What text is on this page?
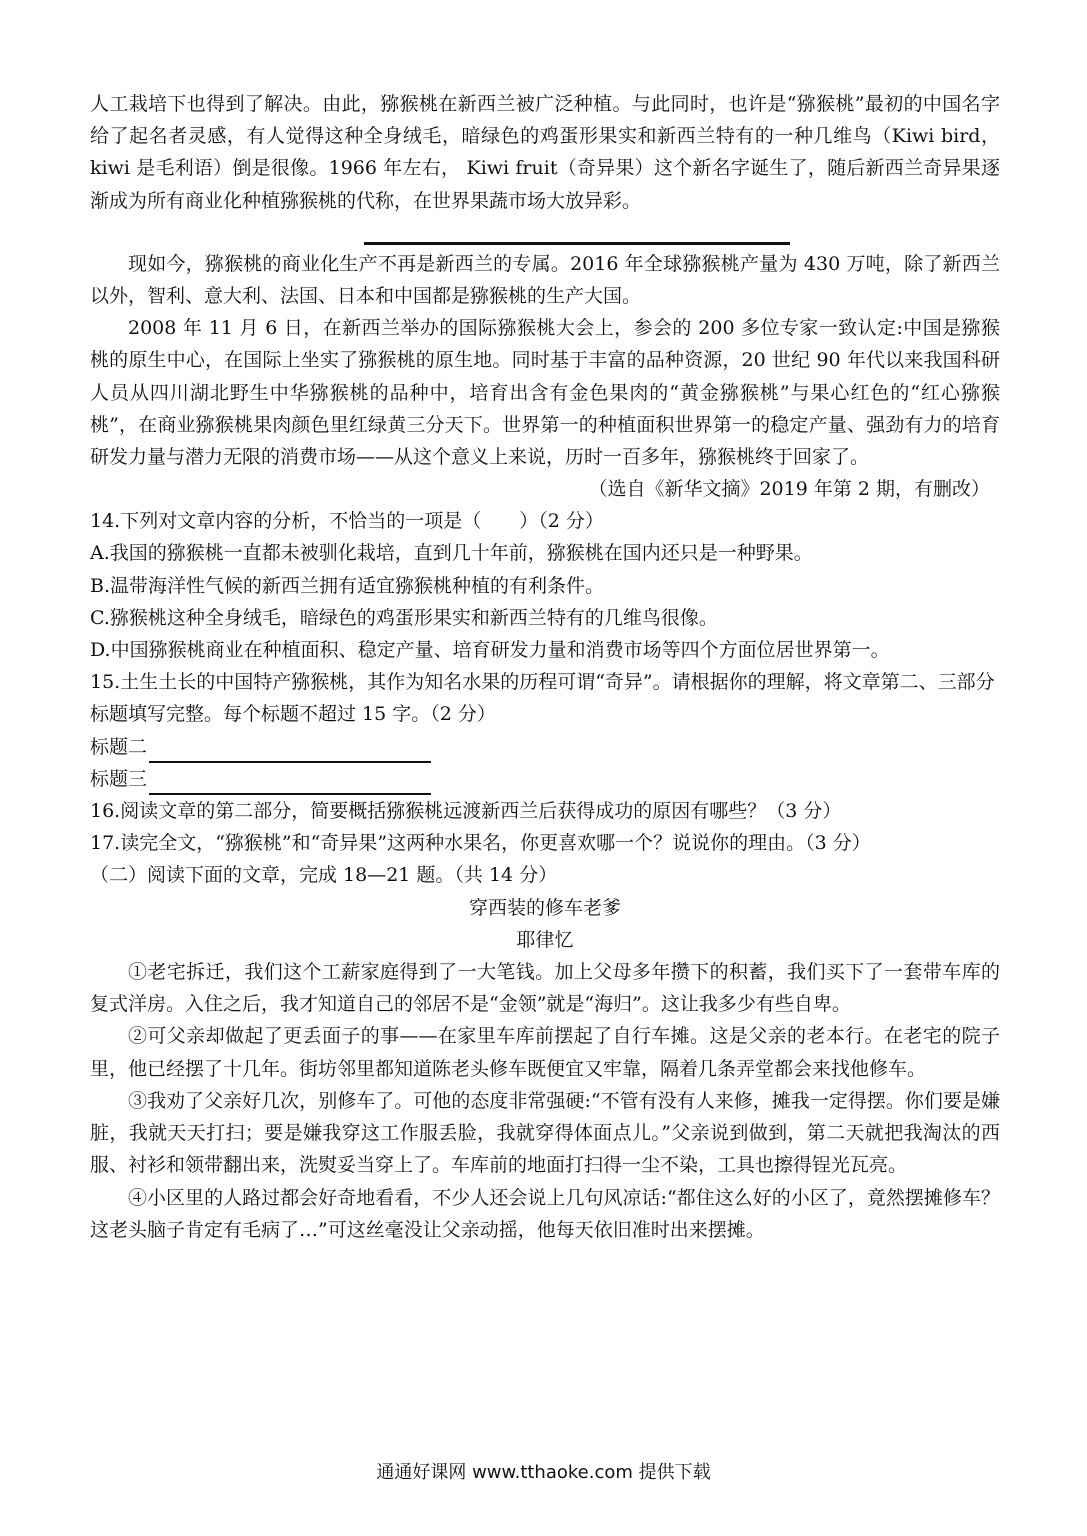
人工栽培下也得到了解决。由此，猕猴桃在新西兰被广泛种植。与此同时，也许是“猕猴桃”最初的中国名字给了起名者灵感，有人觉得这种全身绒毛，暗绿色的鸡蛋形果实和新西兰特有的一种几维鸟（Kiwi bird，kiwi 是毛利语）倒是很像。1966 年左右， Kiwi fruit（奇异果）这个新名字诞生了，随后新西兰奇异果逐渐成为所有商业化种植猕猴桃的代称，在世界果蔬市场大放异彩。

现如今，猕猴桃的商业化生产不再是新西兰的专属。2016 年全球猕猴桃产量为 430 万吨，除了新西兰以外，智利、意大利、法国、日本和中国都是猕猴桃的生产大国。

2008 年 11 月 6 日，在新西兰举办的国际猕猴桃大会上，参会的 200 多位专家一致认定:中国是猕猴桃的原生中心，在国际上坐实了猕猴桃的原生地。同时基于丰富的品种资源，20 世纪 90 年代以来我国科研人员从四川湖北野生中华猕猴桃的品种中，培育出含有金色果肉的“黄金猕猴桃”与果心红色的“红心猕猴桃”，在商业猕猴桃果肉颜色里红绿黄三分天下。世界第一的种植面积世界第一的稳定产量、强劲有力的培育研发力量与潜力无限的消费市场——从这个意义上来说，历时一百多年，猕猴桃终于回家了。

（选自《新华文摘》2019 年第 2 期，有删改）

14.下列对文章内容的分析，不恰当的一项是（　　）（2 分）

A.我国的猕猴桃一直都未被驯化栽培，直到几十年前，猕猴桃在国内还只是一种野果。

B.温带海洋性气候的新西兰拥有适宜猕猴桃种植的有利条件。

C.猕猴桃这种全身绒毛，暗绿色的鸡蛋形果实和新西兰特有的几维鸟很像。

D.中国猕猴桃商业在种植面积、稳定产量、培育研发力量和消费市场等四个方面位居世界第一。

15.土生土长的中国特产猕猴桃，其作为知名水果的历程可谓“奇异”。请根据你的理解，将文章第二、三部分标题填写完整。每个标题不超过 15 字。（2 分）

标题二
标题三

16.阅读文章的第二部分，简要概括猕猴桃远渡新西兰后获得成功的原因有哪些？（3 分）

17.读完全文，“猕猴桃”和“奇异果”这两种水果名，你更喜欢哪一个？说说你的理由。（3 分）

（二）阅读下面的文章，完成 18—21 题。（共 14 分）

穿西装的修车老爹

耶律忆

①老宅拆迁，我们这个工薪家庭得到了一大笔钱。加上父母多年攒下的积蓄，我们买下了一套带车库的复式洋房。入住之后，我才知道自己的邻居不是“金领”就是“海归”。这让我多少有些自卑。

②可父亲却做起了更丢面子的事——在家里车库前摆起了自行车摊。这是父亲的老本行。在老宅的院子里，他已经摆了十几年。街坊邻里都知道陈老头修车既便宜又牢靠，隔着几条弄堂都会来找他修车。

③我劝了父亲好几次，别修车了。可他的态度非常强硬:“不管有没有人来修，摊我一定得摆。你们要是嫌脏，我就天天打扫；要是嫌我穿这工作服丢脸，我就穿得体面点儿。”父亲说到做到，第二天就把我淘汰的西服、衬衫和领带翻出来，洗熨妥当穿上了。车库前的地面打扫得一尘不染，工具也擦得锃光瓦亮。

④小区里的人路过都会好奇地看看，不少人还会说上几句风凉话:“都住这么好的小区了，竟然摆摊修车？这老头脑子肯定有毛病了…”可这丝毫没让父亲动摇，他每天依旧准时出来摆摊。

通通好课网 www.tthaoke.com 提供下载
